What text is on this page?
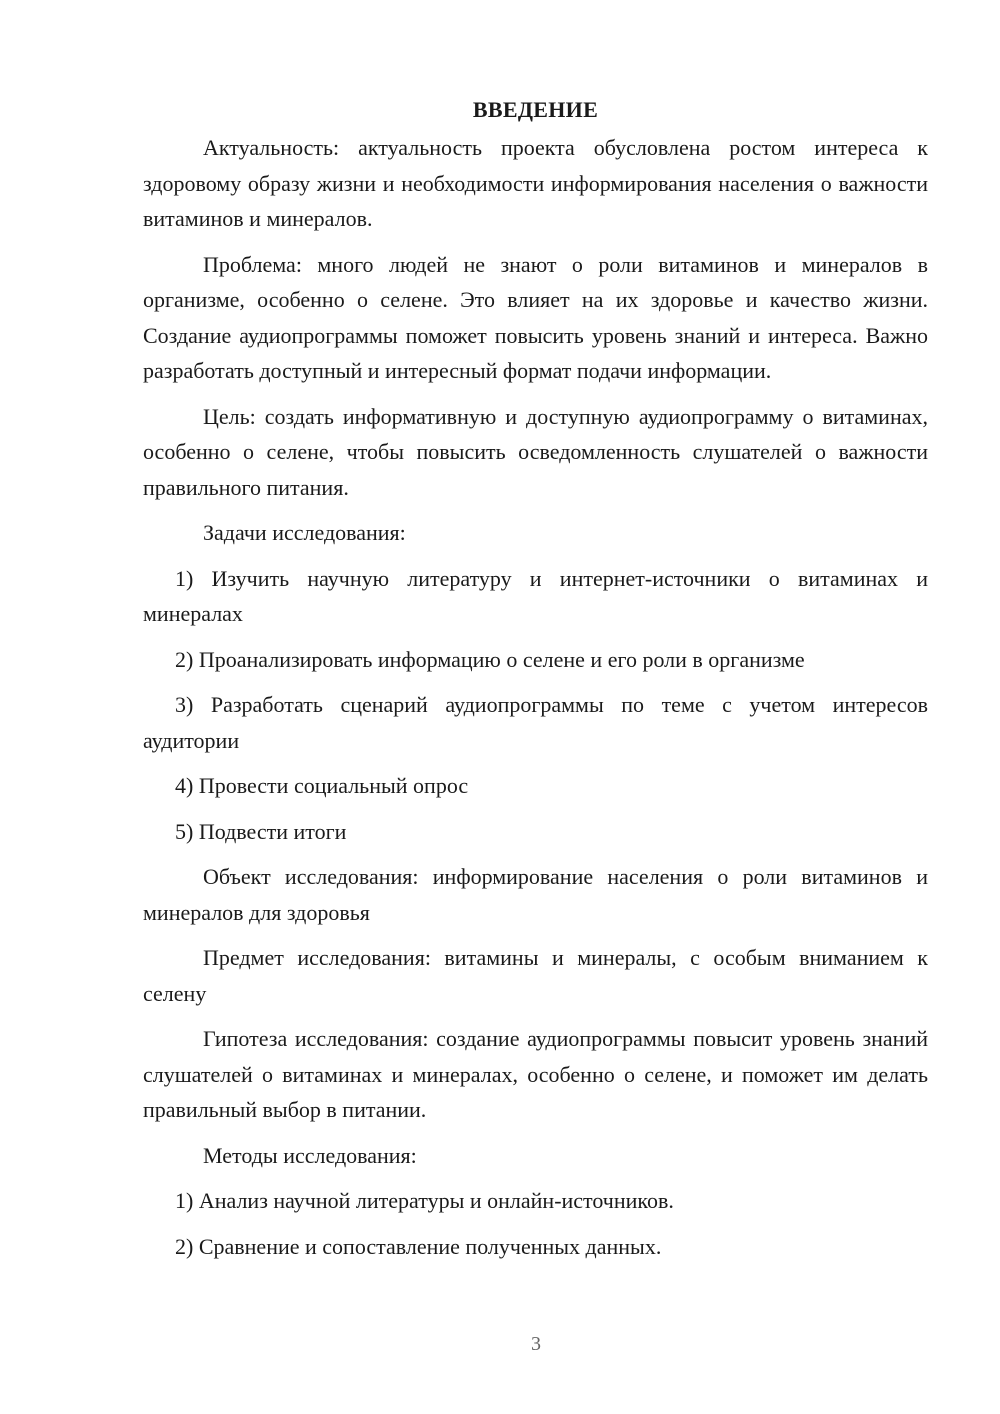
ВВЕДЕНИЕ

Актуальность: актуальность проекта обусловлена ростом интереса к здоровому образу жизни и необходимости информирования населения о важности витаминов и минералов.

Проблема: много людей не знают о роли витаминов и минералов в организме, особенно о селене. Это влияет на их здоровье и качество жизни. Создание аудиопрограммы поможет повысить уровень знаний и интереса. Важно разработать доступный и интересный формат подачи информации.

Цель: создать информативную и доступную аудиопрограмму о витаминах, особенно о селене, чтобы повысить осведомленность слушателей о важности правильного питания.

Задачи исследования:

1) Изучить научную литературу и интернет-источники о витаминах и минералах

2) Проанализировать информацию о селене и его роли в организме

3) Разработать сценарий аудиопрограммы по теме с учетом интересов аудитории

4) Провести социальный опрос

5) Подвести итоги

Объект исследования: информирование населения о роли витаминов и минералов для здоровья

Предмет исследования: витамины и минералы, с особым вниманием к селену

Гипотеза исследования: создание аудиопрограммы повысит уровень знаний слушателей о витаминах и минералах, особенно о селене, и поможет им делать правильный выбор в питании.

Методы исследования:

1) Анализ научной литературы и онлайн-источников.

2) Сравнение и сопоставление полученных данных.

3
